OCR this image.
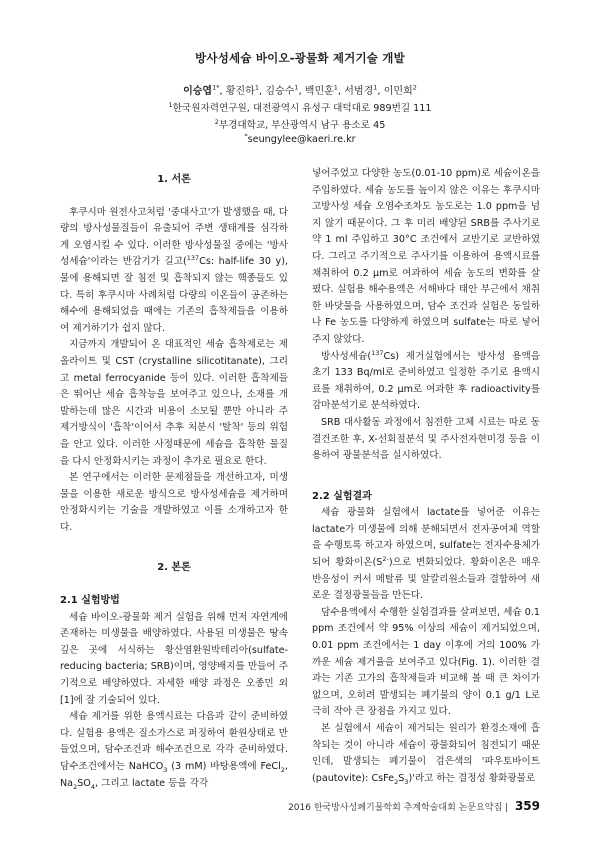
방사성세슘 바이오-광물화 제거기술 개발
이승엽$^{1*}$, 황진하$^1$, 김승수$^1$, 백민훈$^1$, 서범경$^1$, 이민희$^2$
$^1$한국원자력연구원, 대전광역시 유성구 대덕대로 989번길 111
$^2$부경대학교, 부산광역시 남구 용소로 45
*seungylee@kaeri.re.kr

1. 서론

후쿠시마 원전사고처럼 '중대사고'가 발생했을 때, 다량의 방사성물질들이 유출되어 주변 생태계를 심각하게 오염시킬 수 있다. 이러한 방사성물질 중에는 '방사성세슘'이라는 반감기가 길고($^{137}$Cs: half-life 30 y), 물에 용해되면 잘 침전 및 흡착되지 않는 핵종들도 있다. 특히 후쿠시마 사례처럼 다량의 이온들이 공존하는 해수에 용해되었을 때에는 기존의 흡착제들을 이용하여 제거하기가 쉽지 않다.

지금까지 개발되어 온 대표적인 세슘 흡착제로는 제올라이트 및 CST (crystalline silicotitanate), 그리고 metal ferrocyanide 등이 있다. 이러한 흡착제들은 뛰어난 세슘 흡착능을 보여주고 있으나, 소재를 개발하는데 많은 시간과 비용이 소모될 뿐만 아니라 주 제거방식이 '흡착'이어서 추후 처분시 '탈착' 등의 위험을 안고 있다. 이러한 사정때문에 세슘을 흡착한 물질을 다시 안정화시키는 과정이 추가로 필요로 한다.

본 연구에서는 이러한 문제점들을 개선하고자, 미생물을 이용한 새로운 방식으로 방사성세슘을 제거하며 안정화시키는 기술을 개발하였고 이를 소개하고자 한다.

2. 본론

2.1 실험방법

세슘 바이오-광물화 제거 실험을 위해 먼저 자연계에 존재하는 미생물을 배양하였다. 사용된 미생물은 땅속 깊은 곳에 서식하는 황산염환원박테리아(sulfate-reducing bacteria; SRB)이며, 영양배지를 만들어 주기적으로 배양하였다. 자세한 배양 과정은 오종민 외[1]에 잘 기술되어 있다.

세슘 제거를 위한 용액시료는 다음과 같이 준비하였다. 실험용 용액은 질소가스로 퍼징하여 환원상태로 만들었으며, 담수조건과 해수조건으로 각각 준비하였다. 담수조건에서는 NaHCO$_3$ (3 mM) 바탕용액에 FeCl$_2$, $Na_2SO_4$, 그리고 lactate 등을 각각

넣어주었고 다양한 농도(0.01-10 ppm)로 세슘이온을 주입하였다. 세슘 농도를 높이지 않은 이유는 후쿠시마 고방사성 세슘 오염수조차도 농도로는 1.0 ppm을 넘지 않기 때문이다. 그 후 미리 배양된 SRB를 주사기로 약 1 ml 주입하고 30°C 조건에서 교반기로 교반하였다. 그리고 주기적으로 주사기를 이용하여 용액시료를 채취하여 0.2 μm로 여과하여 세슘 농도의 변화를 살폈다. 실험용 해수용액은 서해바다 태안 부근에서 채취한 바닷물을 사용하였으며, 담수 조건과 실험은 동일하나 Fe 농도를 다양하게 하였으며 sulfate는 따로 넣어주지 않았다.

방사성세슘($^{137}$Cs) 제거실험에서는 방사성 용액을 초기 133 Bq/ml로 준비하였고 일정한 주기로 용액시료를 채취하여, 0.2 μm로 여과한 후 radioactivity를 감마분석기로 분석하였다.

SRB 대사활동 과정에서 침전한 고체 시료는 따로 동결건조한 후, X-선회절분석 및 주사전자현미경 등을 이용하여 광물분석을 실시하였다.

2.2 실험결과

세슘 광물화 실험에서 lactate를 넣어준 이유는 lactate가 미생물에 의해 분해되면서 전자공여체 역할을 수행토록 하고자 하였으며, sulfate는 전자수용체가 되어 황화이온$(S^{2-})$으로 변화되었다. 황화이온은 매우 반응성이 커서 메탈류 및 알칼리원소들과 결합하여 새로운 결정광물들을 만든다.

담수용액에서 수행한 실험결과를 살펴보면, 세슘 0.1 ppm 조건에서 약 95% 이상의 세슘이 제거되었으며, 0.01 ppm 조건에서는 1 day 이후에 거의 100% 가까운 세슘 제거율을 보여주고 있다(Fig. 1). 이러한 결과는 기존 고가의 흡착제들과 비교해 볼 때 큰 차이가 없으며, 오히려 발생되는 폐기물의 양이 0.1 g/1 L로 극히 작아 큰 장점을 가지고 있다.

본 실험에서 세슘이 제거되는 원리가 환경소재에 흡착되는 것이 아니라 세슘이 광물화되어 침전되기 때문인데, 발생되는 폐기물이 검은색의 '파우토바이트(pautovite): $CsFe_2S_3)'$라고 하는 결정성 황화광물로

2016 한국방사성폐기물학회 추계학술대회 논문요약집 | 359
